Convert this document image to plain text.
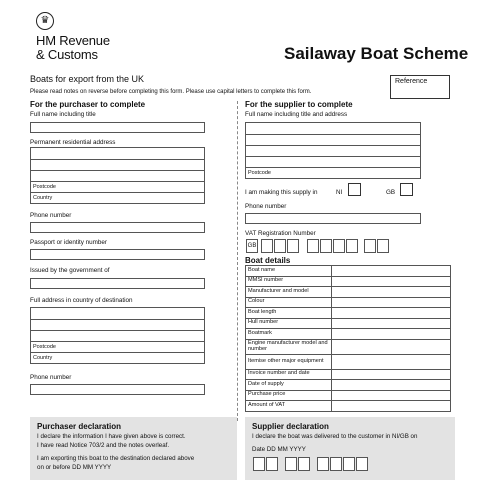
♛
HM Revenue
& Customs	Sailaway Boat Scheme
Boats for export from the UK
Please read notes on reverse before completing this form. Please use capital letters to complete this form.
Reference
For the purchaser to complete
Full name including title
Permanent residential address
Postcode
Country
Phone number
Passport or identity number
Issued by the government of
Full address in country of destination
Postcode
Country
Phone number
For the supplier to complete
Full name including title and address
Postcode
I am making this supply in	NI	GB
Phone number
VAT Registration Number
GB
Boat details
Boat name	
MMSI number	
Manufacturer and model	
Colour	
Boat length	
Hull number	
Boatmark	
Engine manufacturer model and number	
Itemise other major equipment	
Invoice number and date	
Date of supply	
Purchase price	
Amount of VAT	
Purchaser declaration
I declare the information I have given above is correct.
I have read Notice 703/2 and the notes overleaf.
I am exporting this boat to the destination declared above
on or before DD MM YYYY
Supplier declaration
I declare the boat was delivered to the customer in NI/GB on
Date DD MM YYYY
